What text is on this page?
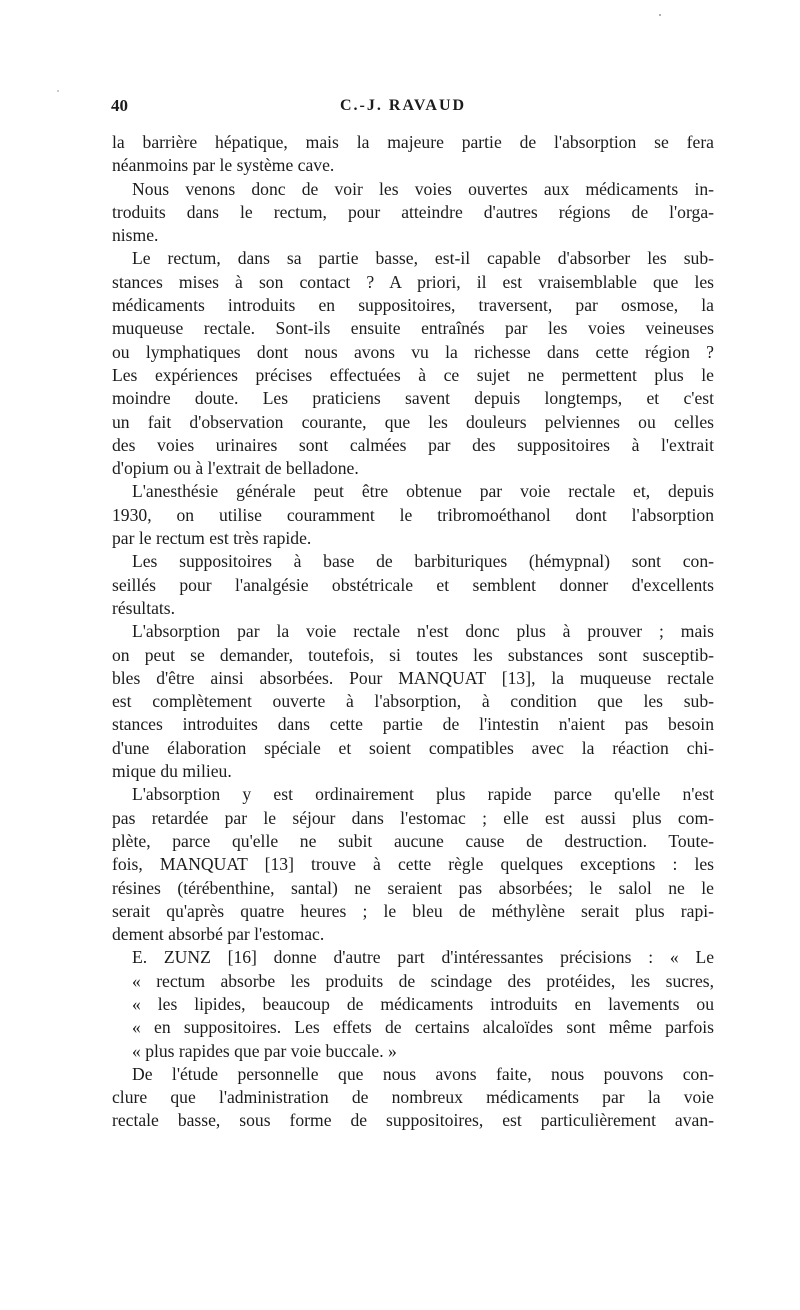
40	C.-J. RAVAUD
la barrière hépatique, mais la majeure partie de l'absorption se fera
néanmoins par le système cave.
Nous venons donc de voir les voies ouvertes aux médicaments in-
troduits dans le rectum, pour atteindre d'autres régions de l'orga-
nisme.
Le rectum, dans sa partie basse, est-il capable d'absorber les sub-
stances mises à son contact ? A priori, il est vraisemblable que les
médicaments introduits en suppositoires, traversent, par osmose, la
muqueuse rectale. Sont-ils ensuite entraînés par les voies veineuses
ou lymphatiques dont nous avons vu la richesse dans cette région ?
Les expériences précises effectuées à ce sujet ne permettent plus le
moindre doute. Les praticiens savent depuis longtemps, et c'est
un fait d'observation courante, que les douleurs pelviennes ou celles
des voies urinaires sont calmées par des suppositoires à l'extrait
d'opium ou à l'extrait de belladone.
L'anesthésie générale peut être obtenue par voie rectale et, depuis
1930, on utilise couramment le tribromoéthanol dont l'absorption
par le rectum est très rapide.
Les suppositoires à base de barbituriques (hémypnal) sont con-
seillés pour l'analgésie obstétricale et semblent donner d'excellents
résultats.
L'absorption par la voie rectale n'est donc plus à prouver ; mais
on peut se demander, toutefois, si toutes les substances sont susceptib-
bles d'être ainsi absorbées. Pour MANQUAT [13], la muqueuse rectale
est complètement ouverte à l'absorption, à condition que les sub-
stances introduites dans cette partie de l'intestin n'aient pas besoin
d'une élaboration spéciale et soient compatibles avec la réaction chi-
mique du milieu.
L'absorption y est ordinairement plus rapide parce qu'elle n'est
pas retardée par le séjour dans l'estomac ; elle est aussi plus com-
plète, parce qu'elle ne subit aucune cause de destruction. Toute-
fois, MANQUAT [13] trouve à cette règle quelques exceptions : les
résines (térébenthine, santal) ne seraient pas absorbées; le salol ne le
serait qu'après quatre heures ; le bleu de méthylène serait plus rapi-
dement absorbé par l'estomac.
E. ZUNZ [16] donne d'autre part d'intéressantes précisions : « Le
« rectum absorbe les produits de scindage des protéides, les sucres,
« les lipides, beaucoup de médicaments introduits en lavements ou
« en suppositoires. Les effets de certains alcaloïdes sont même parfois
« plus rapides que par voie buccale. »
De l'étude personnelle que nous avons faite, nous pouvons con-
clure que l'administration de nombreux médicaments par la voie
rectale basse, sous forme de suppositoires, est particulièrement avan-
